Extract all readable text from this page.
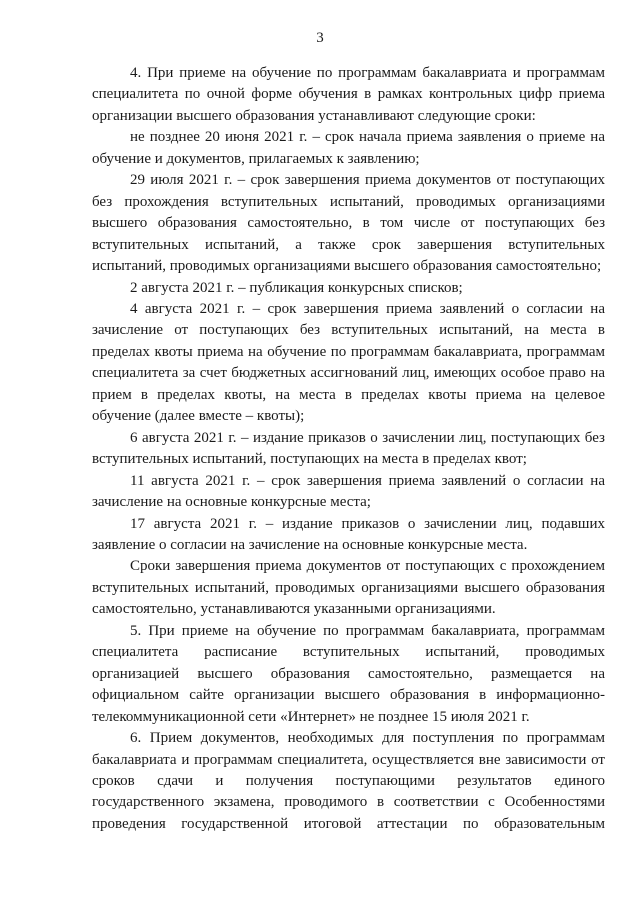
3

4. При приеме на обучение по программам бакалавриата и программам специалитета по очной форме обучения в рамках контрольных цифр приема организации высшего образования устанавливают следующие сроки:

не позднее 20 июня 2021 г. – срок начала приема заявления о приеме на обучение и документов, прилагаемых к заявлению;

29 июля 2021 г. – срок завершения приема документов от поступающих без прохождения вступительных испытаний, проводимых организациями высшего образования самостоятельно, в том числе от поступающих без вступительных испытаний, а также срок завершения вступительных испытаний, проводимых организациями высшего образования самостоятельно;

2 августа 2021 г. – публикация конкурсных списков;

4 августа 2021 г. – срок завершения приема заявлений о согласии на зачисление от поступающих без вступительных испытаний, на места в пределах квоты приема на обучение по программам бакалавриата, программам специалитета за счет бюджетных ассигнований лиц, имеющих особое право на прием в пределах квоты, на места в пределах квоты приема на целевое обучение (далее вместе – квоты);

6 августа 2021 г. – издание приказов о зачислении лиц, поступающих без вступительных испытаний, поступающих на места в пределах квот;

11 августа 2021 г. – срок завершения приема заявлений о согласии на зачисление на основные конкурсные места;

17 августа 2021 г. – издание приказов о зачислении лиц, подавших заявление о согласии на зачисление на основные конкурсные места.

Сроки завершения приема документов от поступающих с прохождением вступительных испытаний, проводимых организациями высшего образования самостоятельно, устанавливаются указанными организациями.

5. При приеме на обучение по программам бакалавриата, программам специалитета расписание вступительных испытаний, проводимых организацией высшего образования самостоятельно, размещается на официальном сайте организации высшего образования в информационно-телекоммуникационной сети «Интернет» не позднее 15 июля 2021 г.

6. Прием документов, необходимых для поступления по программам бакалавриата и программам специалитета, осуществляется вне зависимости от сроков сдачи и получения поступающими результатов единого государственного экзамена, проводимого в соответствии с Особенностями проведения государственной итоговой аттестации по образовательным
